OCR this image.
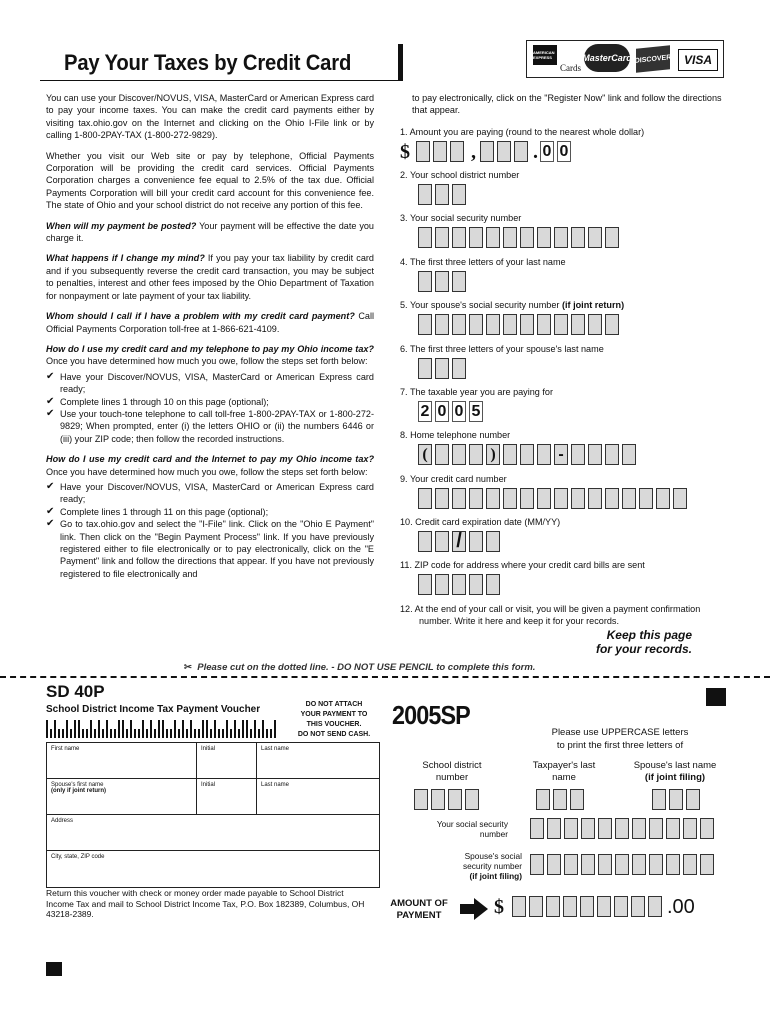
Pay Your Taxes by Credit Card	AMERICAN EXPRESS
Cards
MasterCard DISCOVER	VISA

You can use your Discover/NOVUS, VISA, MasterCard or American Express card to pay your income taxes. You can make the credit card payments either by visiting tax.ohio.gov on the Internet and clicking on the Ohio I-File link or by calling 1-800-2PAY-TAX (1-800-272-9829).

Whether you visit our Web site or pay by telephone, Official Payments Corporation will be providing the credit card services. Official Payments Corporation charges a convenience fee equal to 2.5% of the tax due. Official Payments Corporation will bill your credit card account for this convenience fee. The state of Ohio and your school district do not receive any portion of this fee.

When will my payment be posted? Your payment will be effective the date you charge it.

What happens if I change my mind? If you pay your tax liability by credit card and if you subsequently reverse the credit card transaction, you may be subject to penalties, interest and other fees imposed by the Ohio Department of Taxation for nonpayment or late payment of your tax liability.

Whom should I call if I have a problem with my credit card payment? Call Official Payments Corporation toll-free at 1-866-621-4109.

How do I use my credit card and my telephone to pay my Ohio income tax? Once you have determined how much you owe, follow the steps set forth below:

✔ Have your Discover/NOVUS, VISA, MasterCard or American Express card ready;
✔ Complete lines 1 through 10 on this page (optional);
✔ Use your touch-tone telephone to call toll-free 1-800-2PAY-TAX or 1-800-272-9829; When prompted, enter (i) the letters OHIO or (ii) the numbers 6446 or (iii) your ZIP code; then follow the recorded instructions.

How do I use my credit card and the Internet to pay my Ohio income tax? Once you have determined how much you owe, follow the steps set forth below:

✔ Have your Discover/NOVUS, VISA, MasterCard or American Express card ready;
✔ Complete lines 1 through 11 on this page (optional);
✔ Go to tax.ohio.gov and select the "I-File" link. Click on the "Ohio E Payment" link. Then click on the "Begin Payment Process" link. If you have previously registered either to file electronically or to pay electronically, click on the "E Payment" link and follow the directions that appear. If you have not previously registered to file electronically and
to pay electronically, click on the "Register Now" link and follow the directions that appear.
1. Amount you are paying (round to the nearest whole dollar)
$	,	. 0 0
2. Your school district number
3. Your social security number
4. The first three letters of your last name
5. Your spouse's social security number (if joint return)
6. The first three letters of your spouse's last name
7. The taxable year you are paying for
2 0 0 5
8. Home telephone number
(	)	-
9. Your credit card number
10. Credit card expiration date (MM/YY)
/
11. ZIP code for address where your credit card bills are sent
12. At the end of your call or visit, you will be given a payment confirmation number. Write it here and keep it for your records.
Keep this page
for your records.
✂  Please cut on the dotted line. - DO NOT USE PENCIL to complete this form.
SD 40P
School District Income Tax Payment Voucher	DO NOT ATTACH
YOUR PAYMENT TO
THIS VOUCHER.
DO NOT SEND CASH.
2005SP
Please use UPPERCASE letters
to print the first three letters of
First name	Initial	Last name
Spouse's first name
(only if joint return)
Initial	Last name
Address
City, state, ZIP code
School district number
Taxpayer's last name
Spouse's last name
(if joint filing)
Your social security number
Spouse's social
security number
(if joint filing)
Return this voucher with check or money order made payable to School District Income Tax and mail to School District Income Tax, P.O. Box 182389, Columbus, OH 43218-2389.
AMOUNT OF PAYMENT	$	.00
